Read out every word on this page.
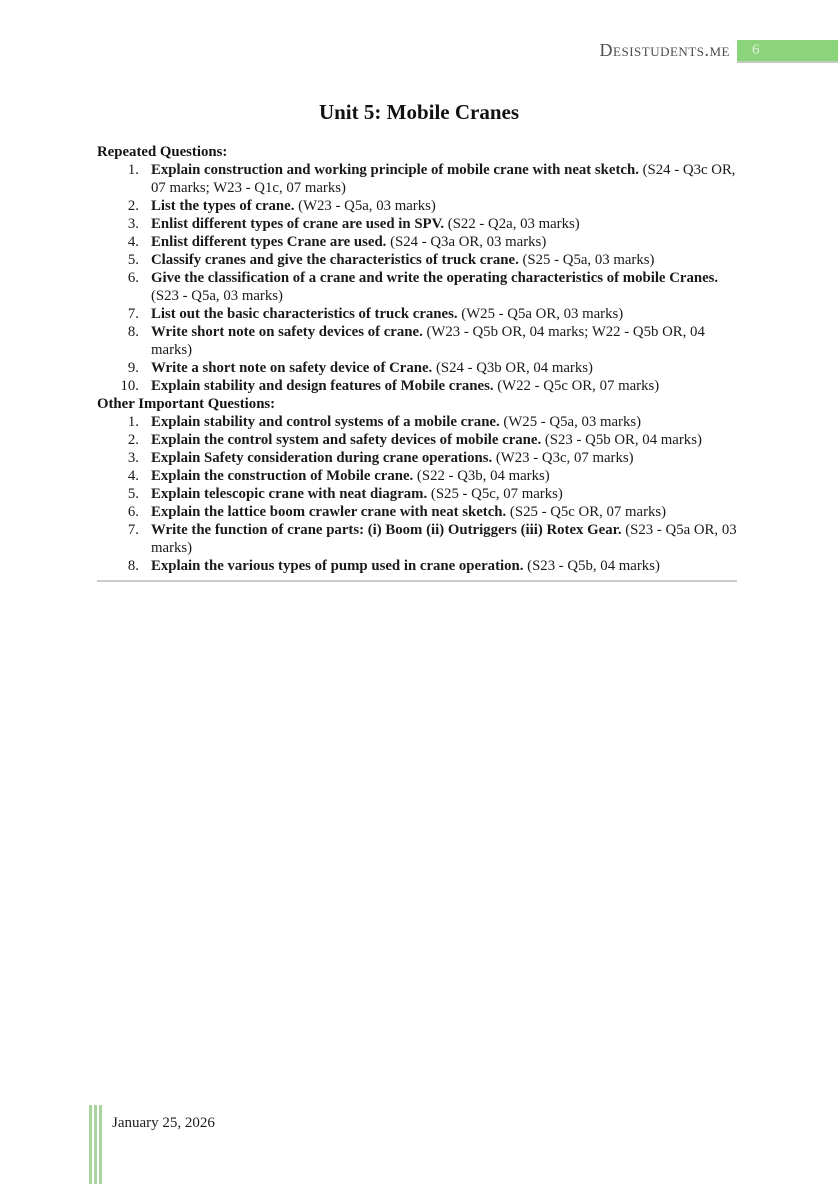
Desistudents.me	6
Unit 5: Mobile Cranes
Repeated Questions:
Explain construction and working principle of mobile crane with neat sketch. (S24 - Q3c OR, 07 marks; W23 - Q1c, 07 marks)
List the types of crane. (W23 - Q5a, 03 marks)
Enlist different types of crane are used in SPV. (S22 - Q2a, 03 marks)
Enlist different types Crane are used. (S24 - Q3a OR, 03 marks)
Classify cranes and give the characteristics of truck crane. (S25 - Q5a, 03 marks)
Give the classification of a crane and write the operating characteristics of mobile Cranes. (S23 - Q5a, 03 marks)
List out the basic characteristics of truck cranes. (W25 - Q5a OR, 03 marks)
Write short note on safety devices of crane. (W23 - Q5b OR, 04 marks; W22 - Q5b OR, 04 marks)
Write a short note on safety device of Crane. (S24 - Q3b OR, 04 marks)
Explain stability and design features of Mobile cranes. (W22 - Q5c OR, 07 marks)
Other Important Questions:
Explain stability and control systems of a mobile crane. (W25 - Q5a, 03 marks)
Explain the control system and safety devices of mobile crane. (S23 - Q5b OR, 04 marks)
Explain Safety consideration during crane operations. (W23 - Q3c, 07 marks)
Explain the construction of Mobile crane. (S22 - Q3b, 04 marks)
Explain telescopic crane with neat diagram. (S25 - Q5c, 07 marks)
Explain the lattice boom crawler crane with neat sketch. (S25 - Q5c OR, 07 marks)
Write the function of crane parts: (i) Boom (ii) Outriggers (iii) Rotex Gear. (S23 - Q5a OR, 03 marks)
Explain the various types of pump used in crane operation. (S23 - Q5b, 04 marks)
January 25, 2026
